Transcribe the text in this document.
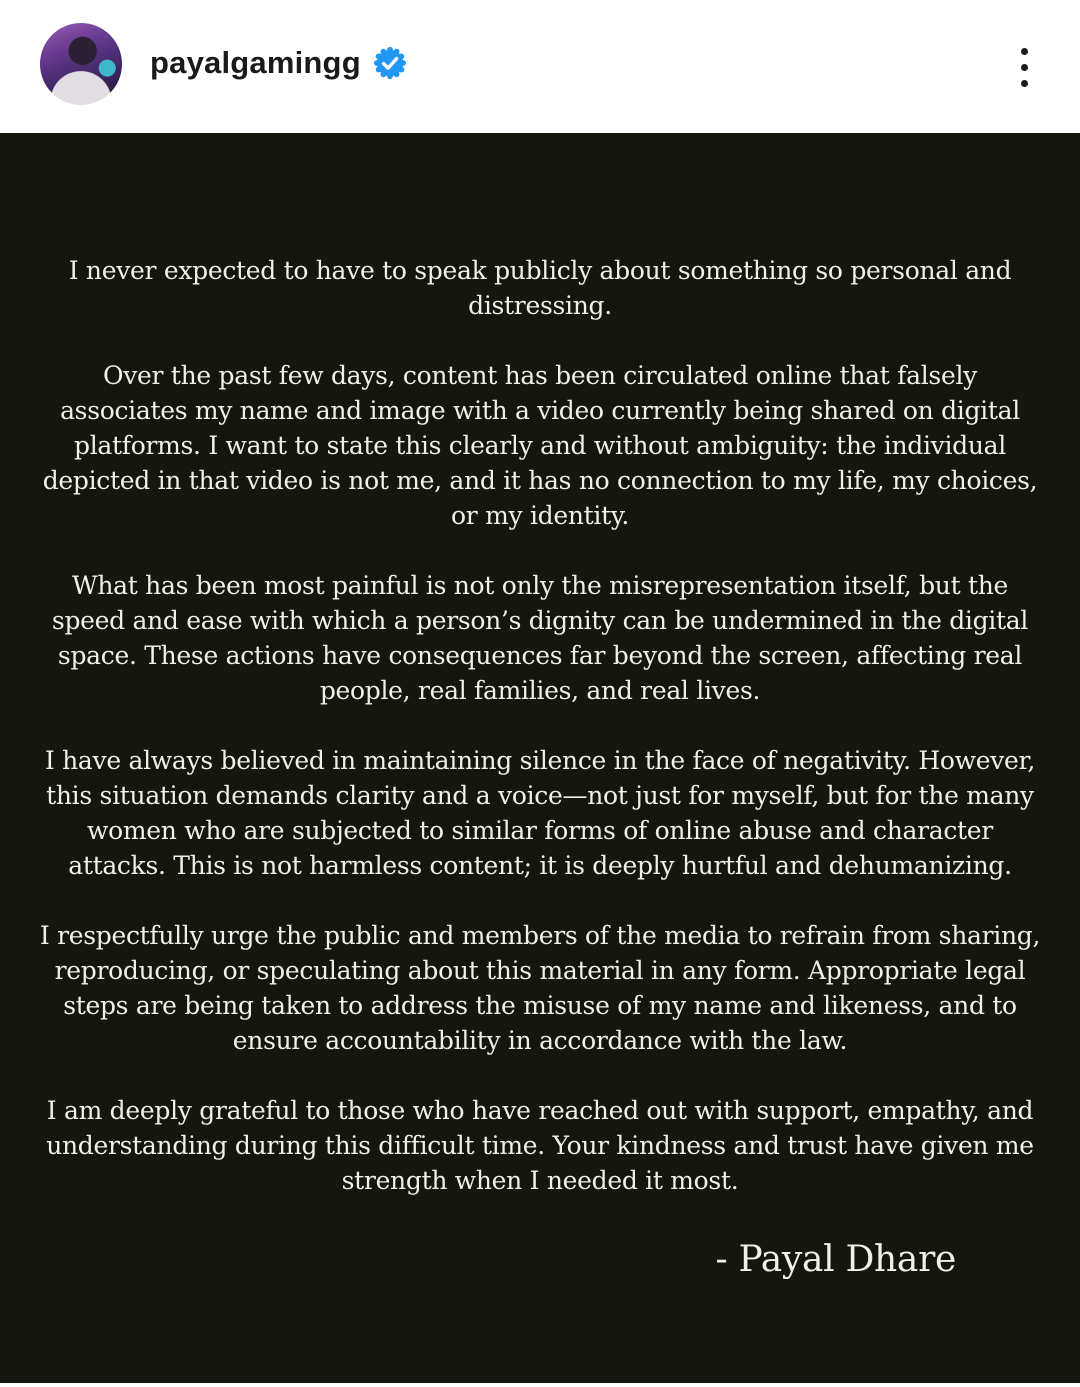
payalgamingg

I never expected to have to speak publicly about something so personal and distressing.

Over the past few days, content has been circulated online that falsely associates my name and image with a video currently being shared on digital platforms. I want to state this clearly and without ambiguity: the individual depicted in that video is not me, and it has no connection to my life, my choices, or my identity.

What has been most painful is not only the misrepresentation itself, but the speed and ease with which a person’s dignity can be undermined in the digital space. These actions have consequences far beyond the screen, affecting real people, real families, and real lives.

I have always believed in maintaining silence in the face of negativity. However, this situation demands clarity and a voice—not just for myself, but for the many women who are subjected to similar forms of online abuse and character attacks. This is not harmless content; it is deeply hurtful and dehumanizing.

I respectfully urge the public and members of the media to refrain from sharing, reproducing, or speculating about this material in any form. Appropriate legal steps are being taken to address the misuse of my name and likeness, and to ensure accountability in accordance with the law.

I am deeply grateful to those who have reached out with support, empathy, and understanding during this difficult time. Your kindness and trust have given me strength when I needed it most.

- Payal Dhare
